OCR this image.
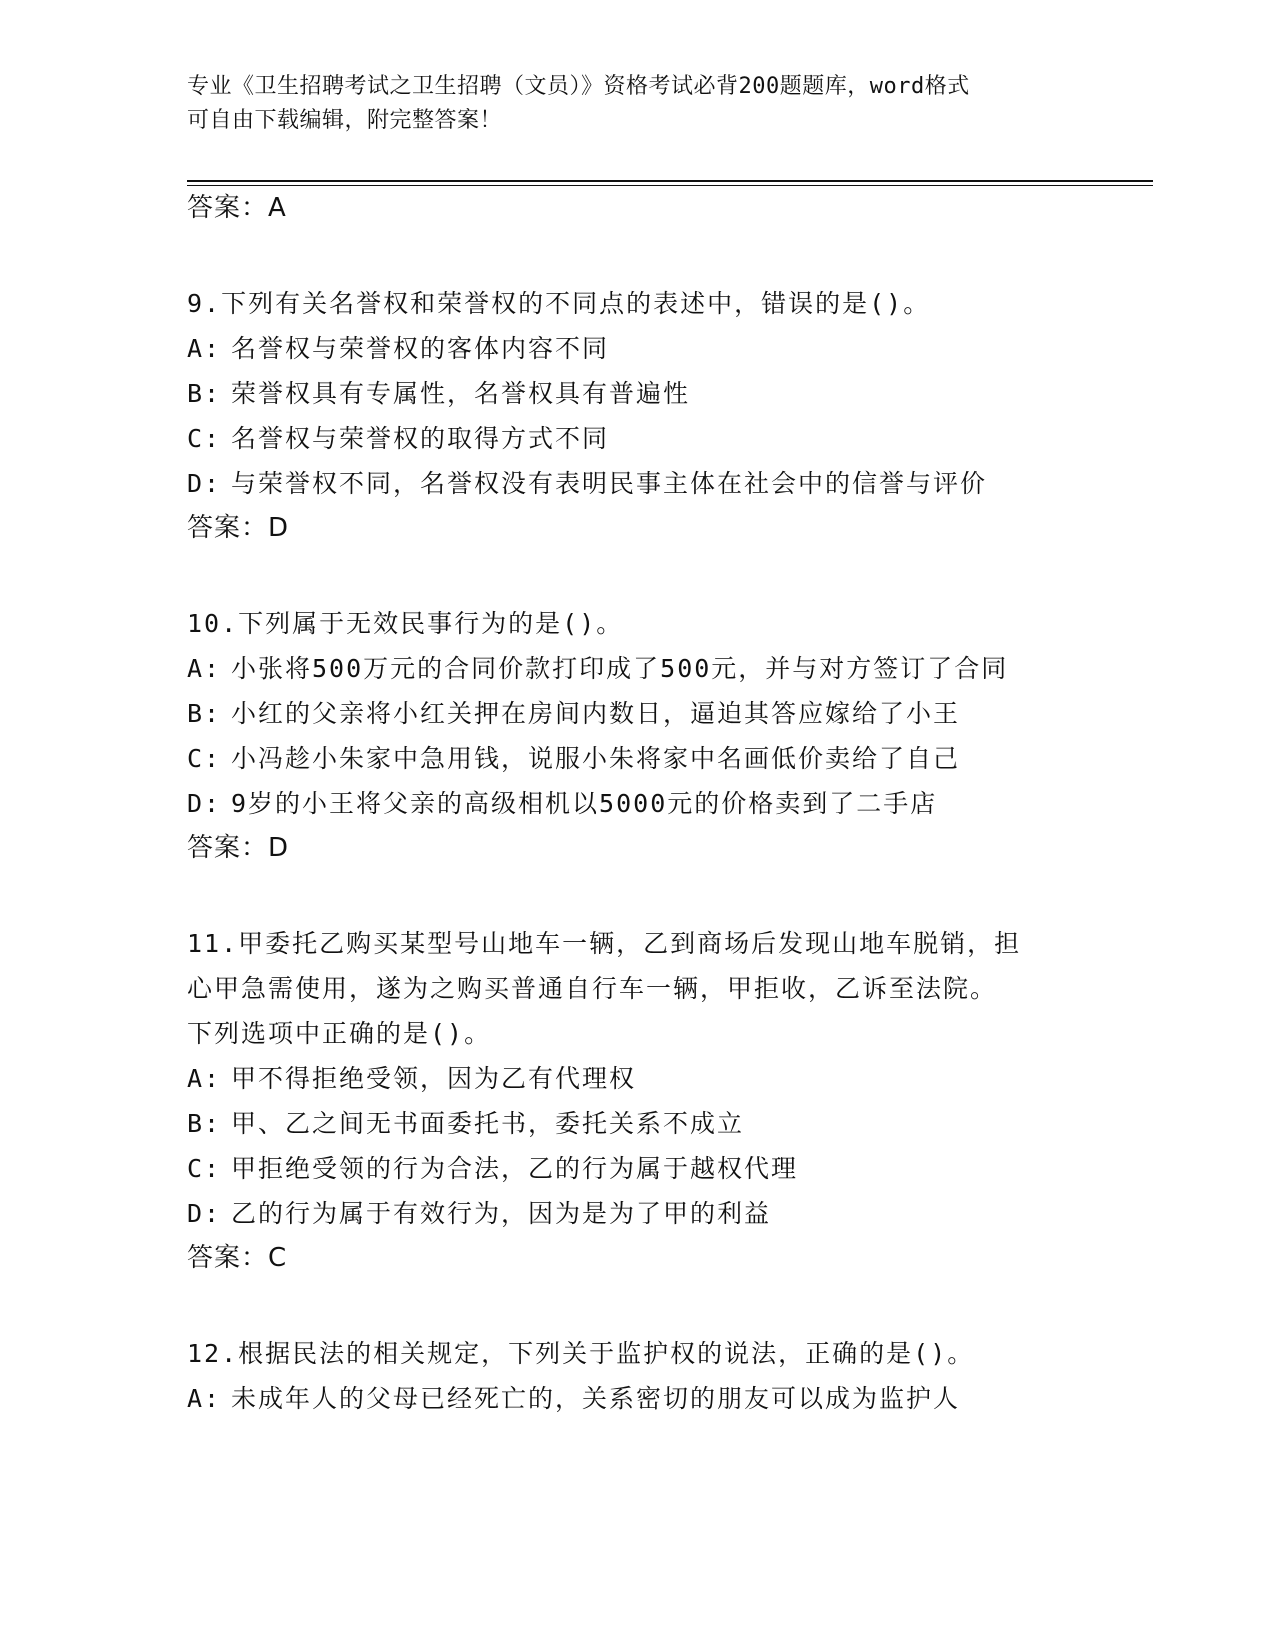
专业《卫生招聘考试之卫生招聘（文员）》资格考试必背200题题库，word格式
可自由下载编辑，附完整答案！
答案：A
9.下列有关名誉权和荣誉权的不同点的表述中，错误的是()。
A: 名誉权与荣誉权的客体内容不同
B: 荣誉权具有专属性，名誉权具有普遍性
C: 名誉权与荣誉权的取得方式不同
D: 与荣誉权不同，名誉权没有表明民事主体在社会中的信誉与评价
答案：D
10.下列属于无效民事行为的是()。
A: 小张将500万元的合同价款打印成了500元，并与对方签订了合同
B: 小红的父亲将小红关押在房间内数日，逼迫其答应嫁给了小王
C: 小冯趁小朱家中急用钱，说服小朱将家中名画低价卖给了自己
D: 9岁的小王将父亲的高级相机以5000元的价格卖到了二手店
答案：D
11.甲委托乙购买某型号山地车一辆，乙到商场后发现山地车脱销，担
心甲急需使用，遂为之购买普通自行车一辆，甲拒收，乙诉至法院。
下列选项中正确的是()。
A: 甲不得拒绝受领，因为乙有代理权
B: 甲、乙之间无书面委托书，委托关系不成立
C: 甲拒绝受领的行为合法，乙的行为属于越权代理
D: 乙的行为属于有效行为，因为是为了甲的利益
答案：C
12.根据民法的相关规定，下列关于监护权的说法，正确的是()。
A: 未成年人的父母已经死亡的，关系密切的朋友可以成为监护人
